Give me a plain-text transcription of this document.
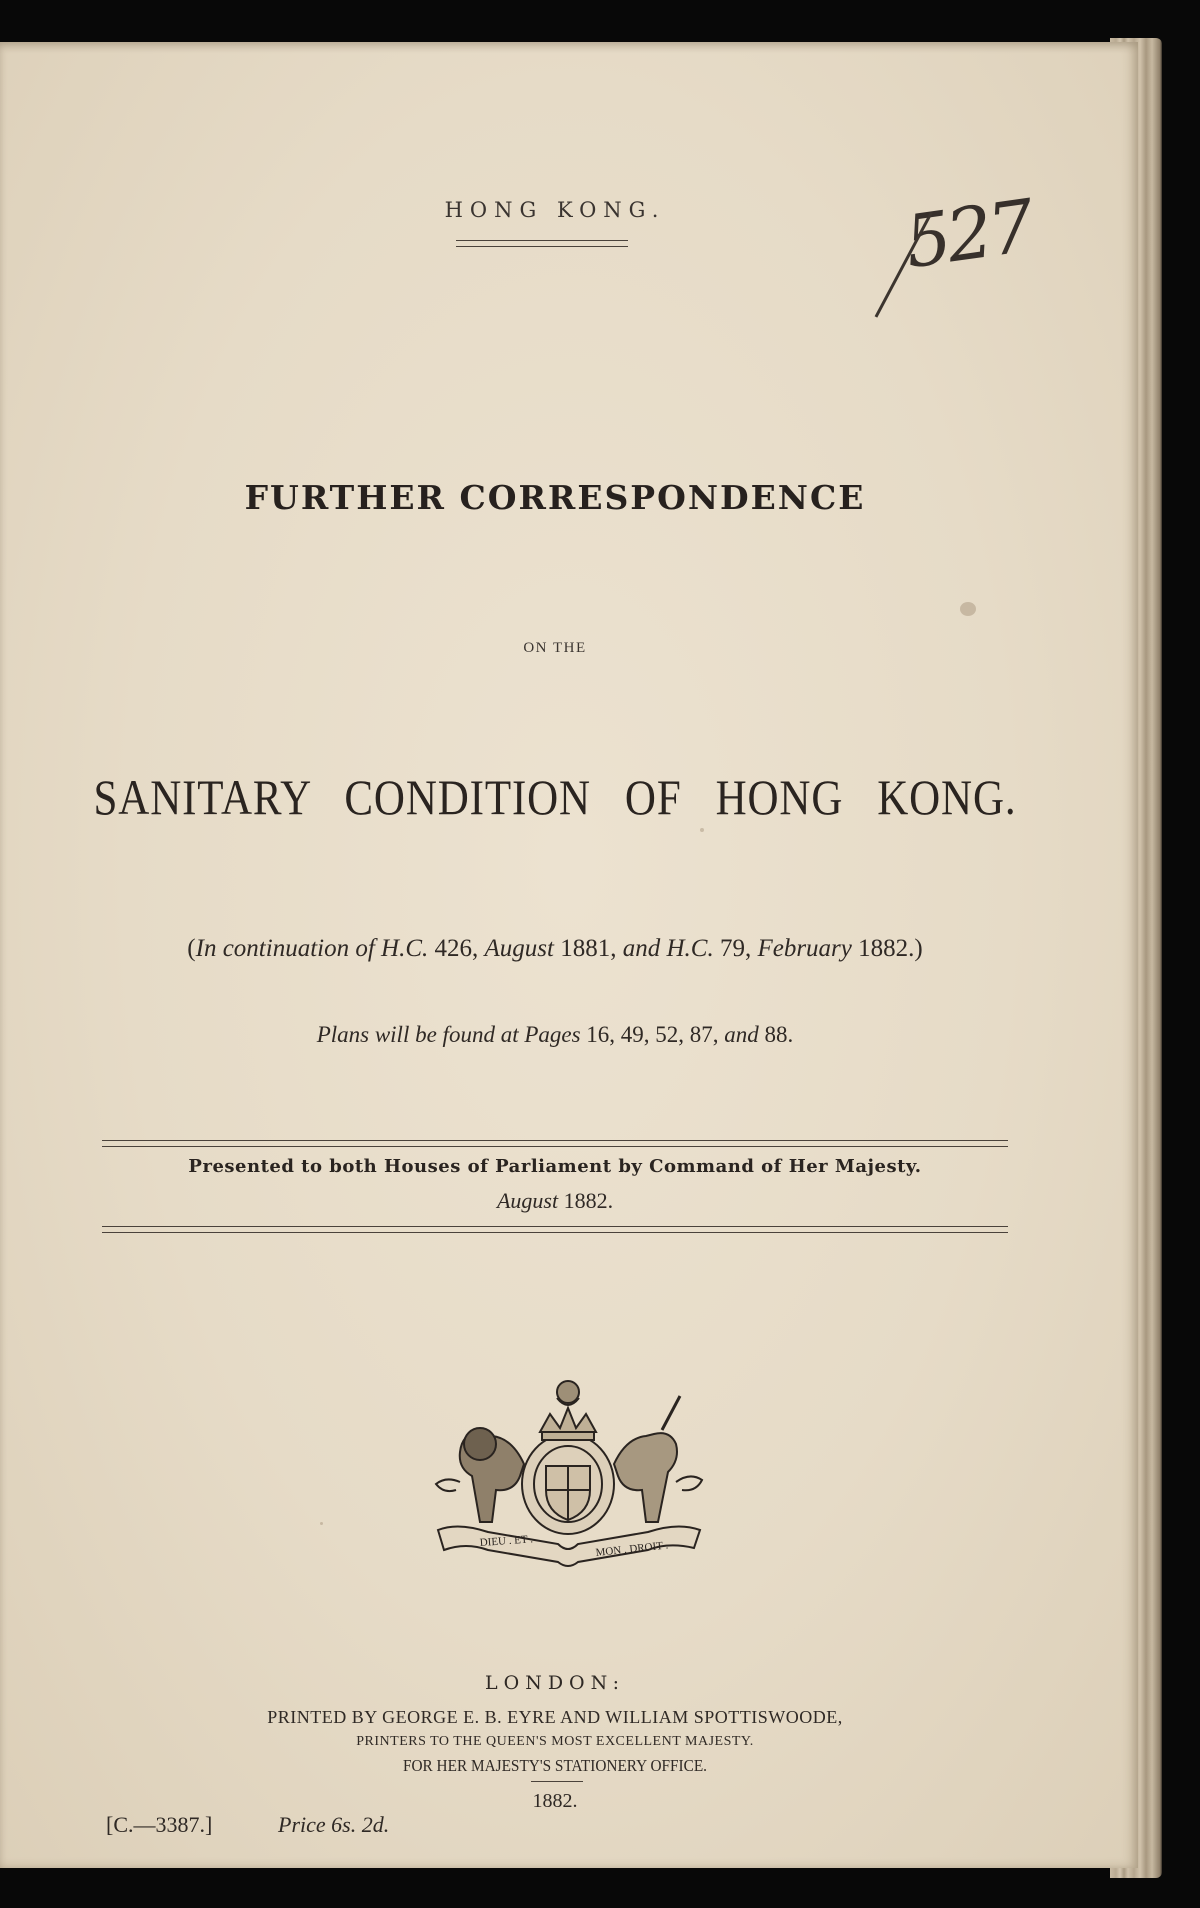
HONG KONG.	527
FURTHER CORRESPONDENCE
ON THE
SANITARY CONDITION OF HONG KONG.
(In continuation of H.C. 426, August 1881, and H.C. 79, February 1882.)
Plans will be found at Pages 16, 49, 52, 87, and 88.
Presented to both Houses of Parliament by Command of Her Majesty.
August 1882.
DIEU . ET .	MON . DROIT .
LONDON:
PRINTED BY GEORGE E. B. EYRE AND WILLIAM SPOTTISWOODE,
PRINTERS TO THE QUEEN'S MOST EXCELLENT MAJESTY.
FOR HER MAJESTY'S STATIONERY OFFICE.
1882.
[C.—3387.]	Price 6s. 2d.
